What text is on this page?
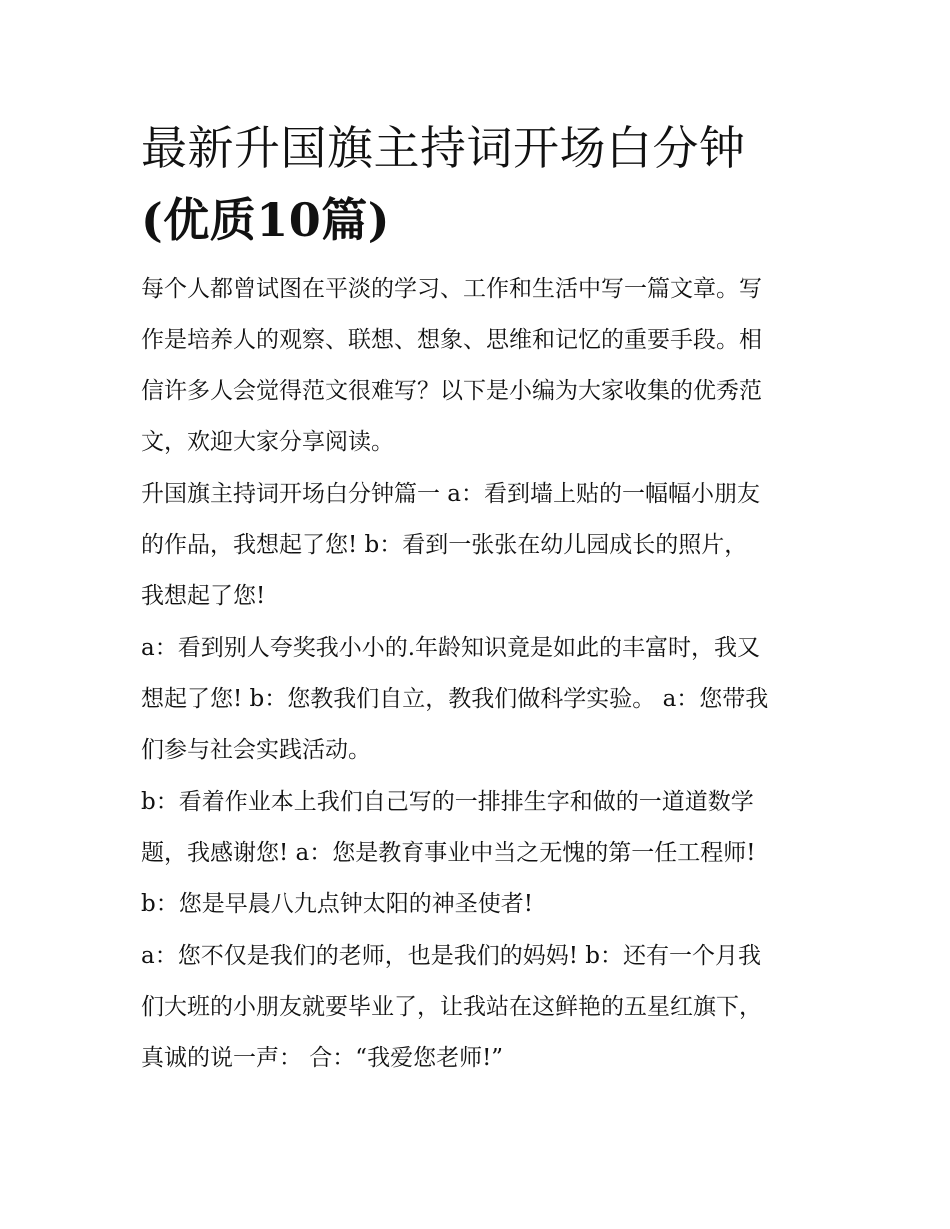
最新升国旗主持词开场白分钟
(优质10篇)

每个人都曾试图在平淡的学习、工作和生活中写一篇文章。写
作是培养人的观察、联想、想象、思维和记忆的重要手段。相
信许多人会觉得范文很难写？以下是小编为大家收集的优秀范
文，欢迎大家分享阅读。

升国旗主持词开场白分钟篇一 a：看到墙上贴的一幅幅小朋友
的作品，我想起了您! b：看到一张张在幼儿园成长的照片，
我想起了您!

a：看到别人夸奖我小小的.年龄知识竟是如此的丰富时，我又
想起了您! b：您教我们自立，教我们做科学实验。 a：您带我
们参与社会实践活动。

b：看着作业本上我们自己写的一排排生字和做的一道道数学
题，我感谢您! a：您是教育事业中当之无愧的第一任工程师!
b：您是早晨八九点钟太阳的神圣使者!

a：您不仅是我们的老师，也是我们的妈妈! b：还有一个月我
们大班的小朋友就要毕业了，让我站在这鲜艳的五星红旗下，
真诚的说一声： 合：“我爱您老师!”
